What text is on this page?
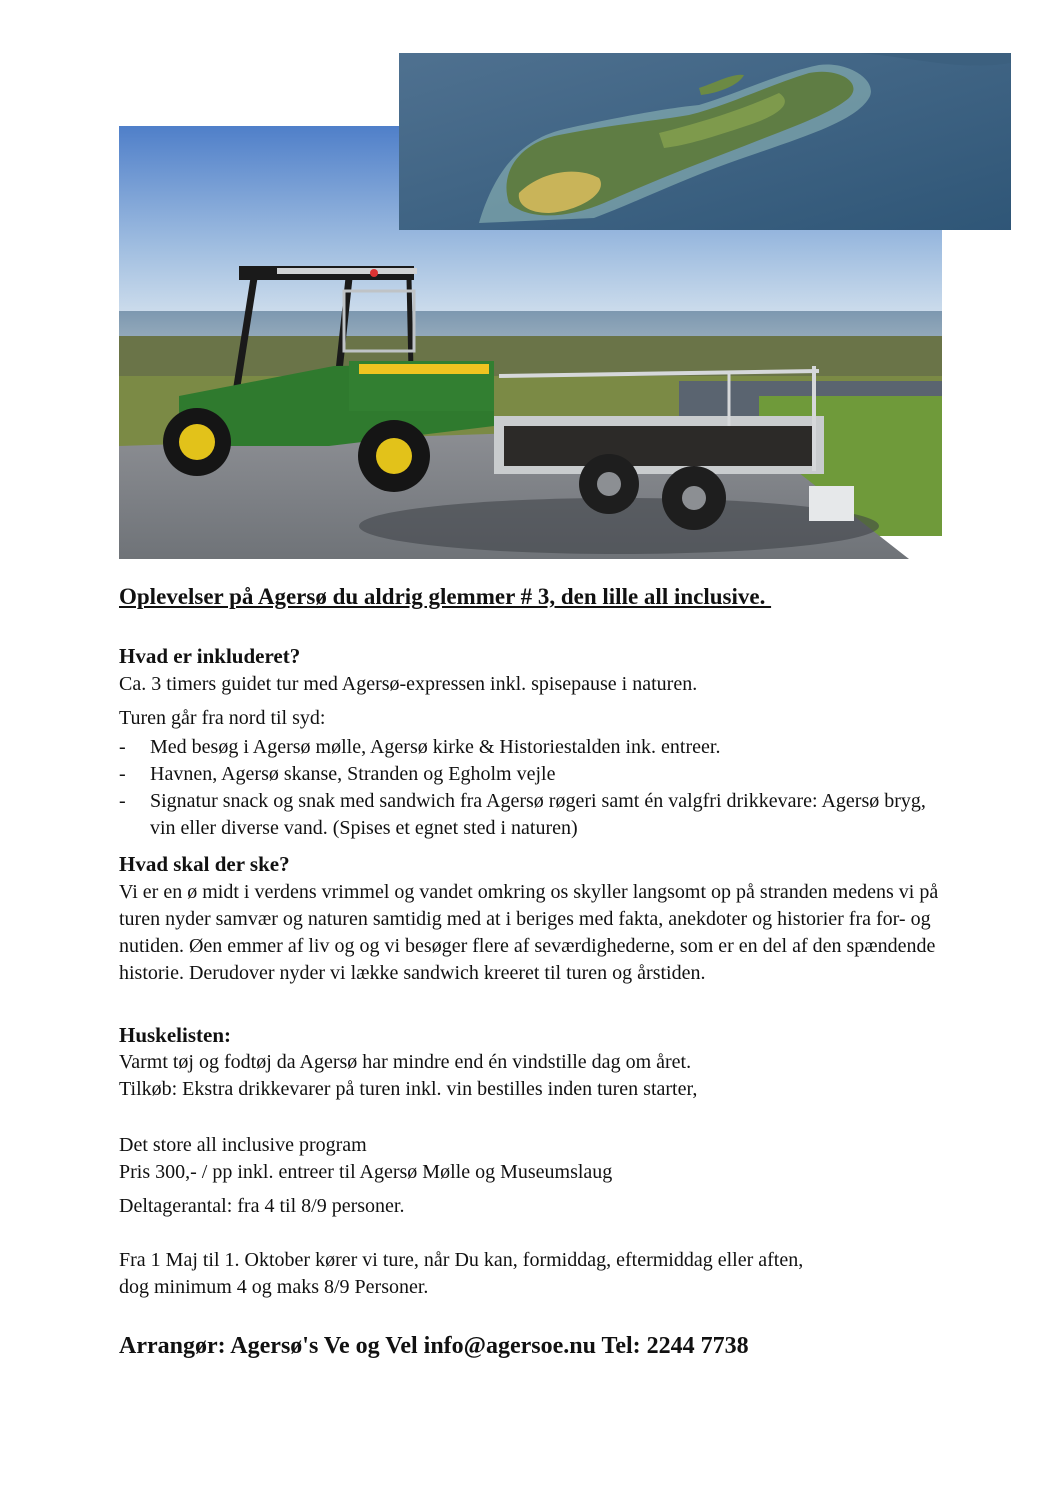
Oplevelser på Agersø du aldrig glemmer # 3, den lille all inclusive.
Hvad er inkluderet?
Ca. 3 timers guidet tur med Agersø-expressen inkl. spisepause i naturen.
Turen går fra nord til syd:
- Med besøg i Agersø mølle, Agersø kirke & Historiestalden ink. entreer.
- Havnen, Agersø skanse, Stranden og Egholm vejle
- Signatur snack og snak med sandwich fra Agersø røgeri samt én valgfri drikkevare: Agersø bryg, vin eller diverse vand. (Spises et egnet sted i naturen)
Hvad skal der ske?
Vi er en ø midt i verdens vrimmel og vandet omkring os skyller langsomt op på stranden medens vi på turen nyder samvær og naturen samtidig med at i beriges med fakta, anekdoter og historier fra for- og nutiden. Øen emmer af liv og og vi besøger flere af seværdighederne, som er en del af den spændende historie. Derudover nyder vi lække sandwich kreeret til turen og årstiden.
Huskelisten:
Varmt tøj og fodtøj da Agersø har mindre end én vindstille dag om året.
Tilkøb: Ekstra drikkevarer på turen inkl. vin bestilles inden turen starter,
Det store all inclusive program
Pris 300,- / pp inkl. entreer til Agersø Mølle og Museumslaug
Deltagerantal: fra 4 til 8/9 personer.
Fra 1 Maj til 1. Oktober kører vi ture, når Du kan, formiddag, eftermiddag eller aften,
dog minimum 4 og maks 8/9 Personer.
Arrangør: Agersø's Ve og Vel info@agersoe.nu Tel: 2244 7738
